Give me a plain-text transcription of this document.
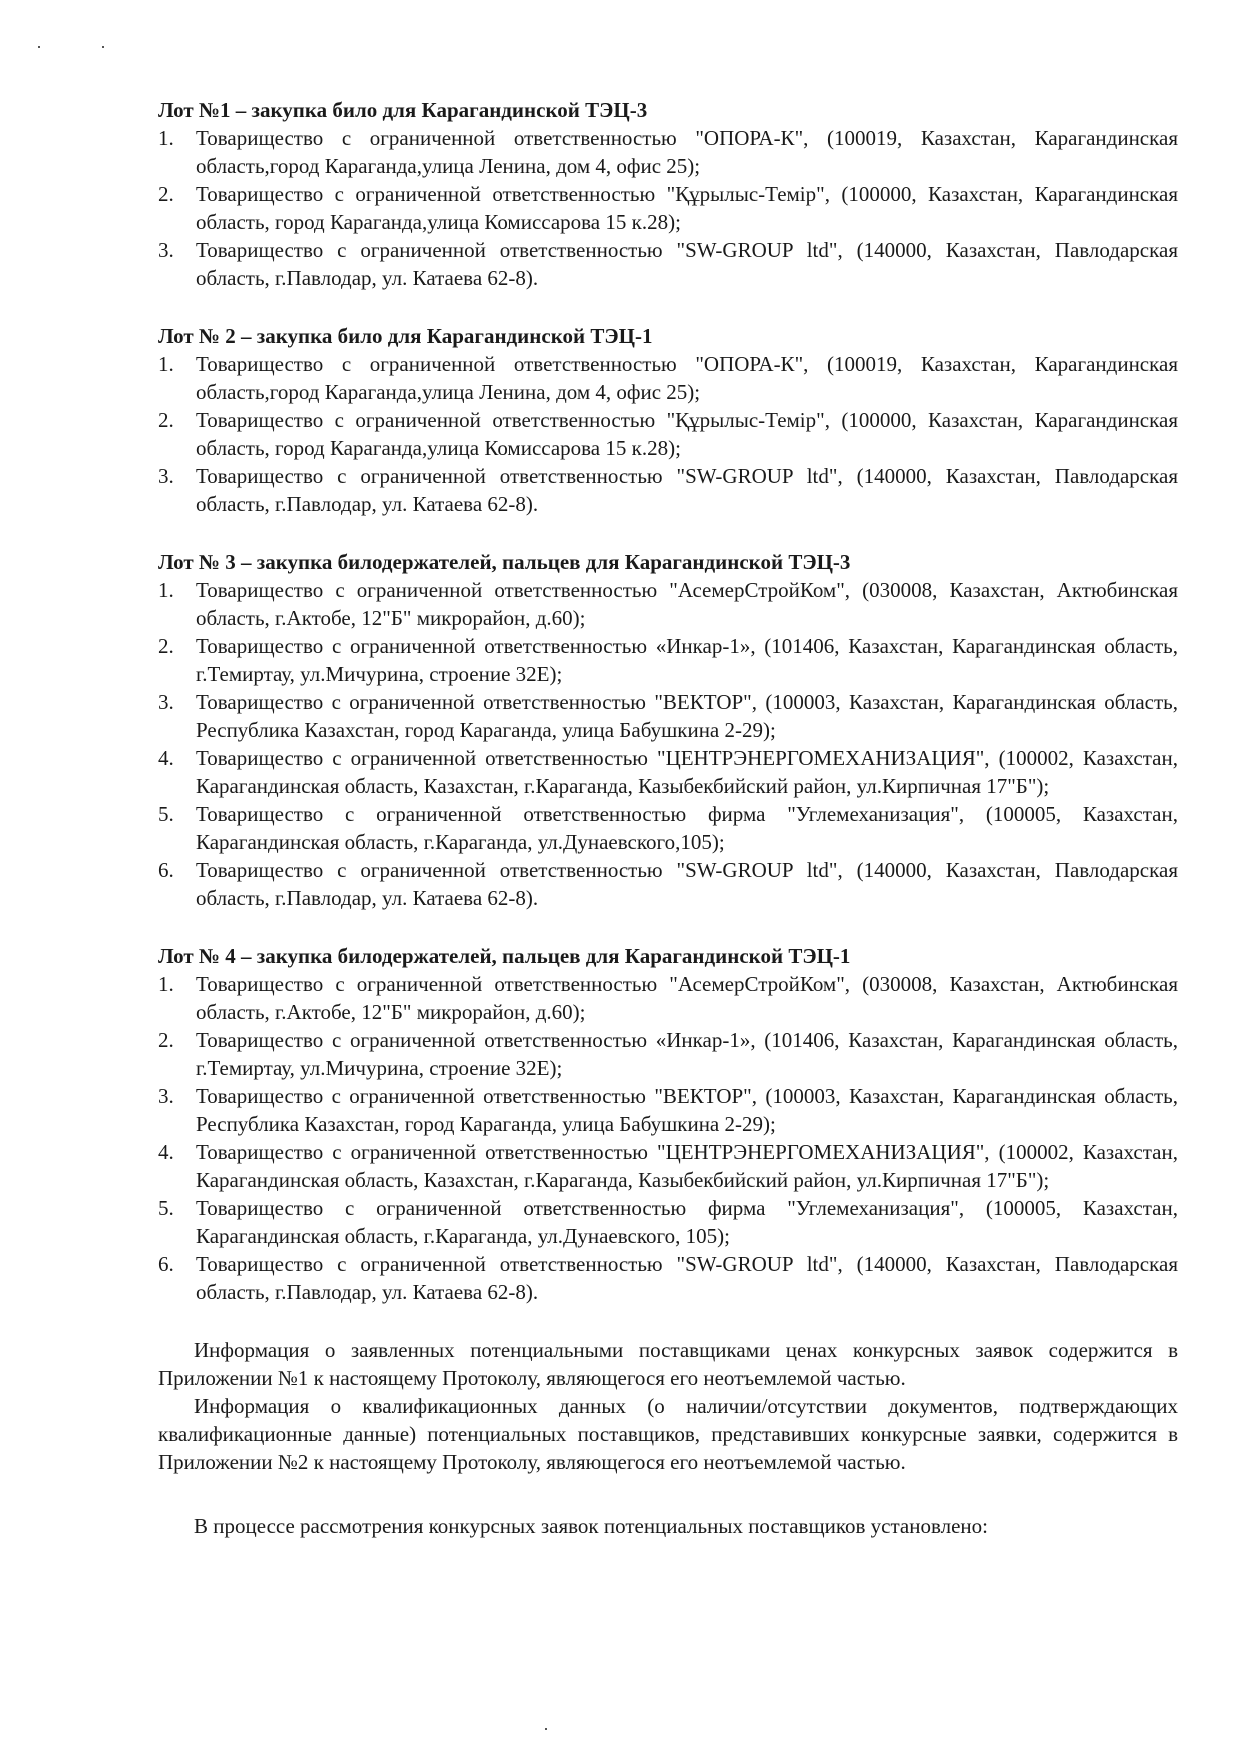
Лот №1 – закупка било для Карагандинской ТЭЦ-3
1. Товарищество с ограниченной ответственностью "ОПОРА-К", (100019, Казахстан, Карагандинская область,город Караганда,улица Ленина, дом 4, офис 25);
2. Товарищество с ограниченной ответственностью "Құрылыс-Темір", (100000, Казахстан, Карагандинская область, город Караганда,улица Комиссарова 15 к.28);
3. Товарищество с ограниченной ответственностью "SW-GROUP ltd", (140000, Казахстан, Павлодарская область, г.Павлодар, ул. Катаева 62-8).
Лот № 2 – закупка било для Карагандинской ТЭЦ-1
1. Товарищество с ограниченной ответственностью "ОПОРА-К", (100019, Казахстан, Карагандинская область,город Караганда,улица Ленина, дом 4, офис 25);
2. Товарищество с ограниченной ответственностью "Құрылыс-Темір", (100000, Казахстан, Карагандинская область, город Караганда,улица Комиссарова 15 к.28);
3. Товарищество с ограниченной ответственностью "SW-GROUP ltd", (140000, Казахстан, Павлодарская область, г.Павлодар, ул. Катаева 62-8).
Лот № 3 – закупка билодержателей, пальцев для Карагандинской ТЭЦ-3
1. Товарищество с ограниченной ответственностью "АсемерСтройКом", (030008, Казахстан, Актюбинская область, г.Актобе, 12"Б" микрорайон, д.60);
2. Товарищество с ограниченной ответственностью «Инкар-1», (101406, Казахстан, Карагандинская область, г.Темиртау, ул.Мичурина, строение 32Е);
3. Товарищество с ограниченной ответственностью "ВЕКТОР", (100003, Казахстан, Карагандинская область, Республика Казахстан, город Караганда, улица Бабушкина 2-29);
4. Товарищество с ограниченной ответственностью "ЦЕНТРЭНЕРГОМЕХАНИЗАЦИЯ", (100002, Казахстан, Карагандинская область, Казахстан, г.Караганда, Казыбекбийский район, ул.Кирпичная 17"Б");
5. Товарищество с ограниченной ответственностью фирма "Углемеханизация", (100005, Казахстан, Карагандинская область, г.Караганда, ул.Дунаевского,105);
6. Товарищество с ограниченной ответственностью "SW-GROUP ltd", (140000, Казахстан, Павлодарская область, г.Павлодар, ул. Катаева 62-8).
Лот № 4 – закупка билодержателей, пальцев для Карагандинской ТЭЦ-1
1. Товарищество с ограниченной ответственностью "АсемерСтройКом", (030008, Казахстан, Актюбинская область, г.Актобе, 12"Б" микрорайон, д.60);
2. Товарищество с ограниченной ответственностью «Инкар-1», (101406, Казахстан, Карагандинская область, г.Темиртау, ул.Мичурина, строение 32Е);
3. Товарищество с ограниченной ответственностью "ВЕКТОР", (100003, Казахстан, Карагандинская область, Республика Казахстан, город Караганда, улица Бабушкина 2-29);
4. Товарищество с ограниченной ответственностью "ЦЕНТРЭНЕРГОМЕХАНИЗАЦИЯ", (100002, Казахстан, Карагандинская область, Казахстан, г.Караганда, Казыбекбийский район, ул.Кирпичная 17"Б");
5. Товарищество с ограниченной ответственностью фирма "Углемеханизация", (100005, Казахстан, Карагандинская область, г.Караганда, ул.Дунаевского, 105);
6. Товарищество с ограниченной ответственностью "SW-GROUP ltd", (140000, Казахстан, Павлодарская область, г.Павлодар, ул. Катаева 62-8).

Информация о заявленных потенциальными поставщиками ценах конкурсных заявок содержится в Приложении №1 к настоящему Протоколу, являющегося его неотъемлемой частью.

Информация о квалификационных данных (о наличии/отсутствии документов, подтверждающих квалификационные данные) потенциальных поставщиков, представивших конкурсные заявки, содержится в Приложении №2 к настоящему Протоколу, являющегося его неотъемлемой частью.

В процессе рассмотрения конкурсных заявок потенциальных поставщиков установлено:
